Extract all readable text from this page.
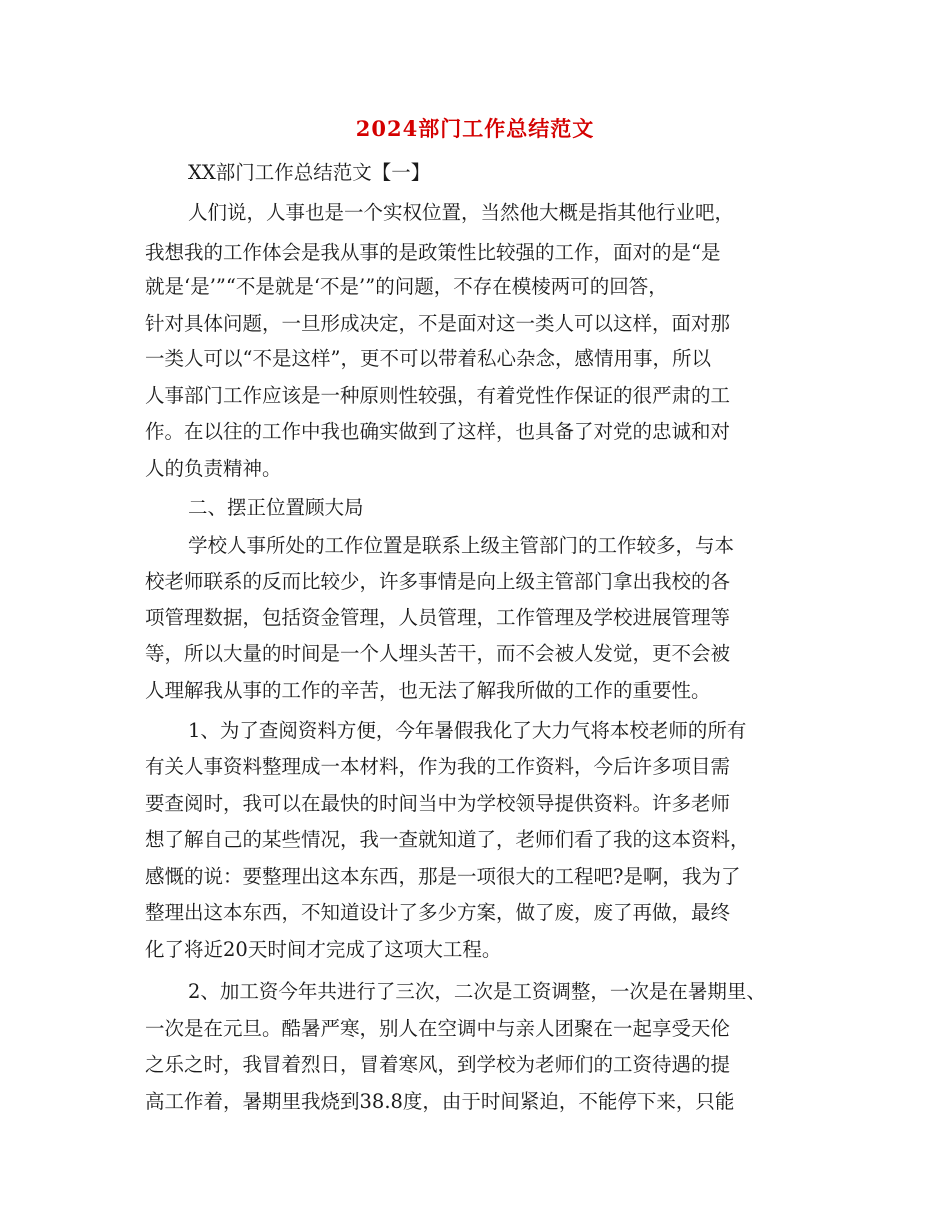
2024部门工作总结范文
XX部门工作总结范文【一】
人们说，人事也是一个实权位置，当然他大概是指其他行业吧，
我想我的工作体会是我从事的是政策性比较强的工作，面对的是“是
就是‘是’”“不是就是‘不是’”的问题，不存在模棱两可的回答，
针对具体问题，一旦形成决定，不是面对这一类人可以这样，面对那
一类人可以“不是这样”，更不可以带着私心杂念，感情用事，所以
人事部门工作应该是一种原则性较强，有着党性作保证的很严肃的工
作。在以往的工作中我也确实做到了这样，也具备了对党的忠诚和对
人的负责精神。
二、摆正位置顾大局
学校人事所处的工作位置是联系上级主管部门的工作较多，与本
校老师联系的反而比较少，许多事情是向上级主管部门拿出我校的各
项管理数据，包括资金管理，人员管理，工作管理及学校进展管理等
等，所以大量的时间是一个人埋头苦干，而不会被人发觉，更不会被
人理解我从事的工作的辛苦，也无法了解我所做的工作的重要性。
1、为了查阅资料方便，今年暑假我化了大力气将本校老师的所有
有关人事资料整理成一本材料，作为我的工作资料，今后许多项目需
要查阅时，我可以在最快的时间当中为学校领导提供资料。许多老师
想了解自己的某些情况，我一查就知道了，老师们看了我的这本资料，
感慨的说：要整理出这本东西，那是一项很大的工程吧?是啊，我为了
整理出这本东西，不知道设计了多少方案，做了废，废了再做，最终
化了将近20天时间才完成了这项大工程。
2、加工资今年共进行了三次，二次是工资调整，一次是在暑期里、
一次是在元旦。酷暑严寒，别人在空调中与亲人团聚在一起享受天伦
之乐之时，我冒着烈日，冒着寒风，到学校为老师们的工资待遇的提
高工作着，暑期里我烧到38.8度，由于时间紧迫，不能停下来，只能
